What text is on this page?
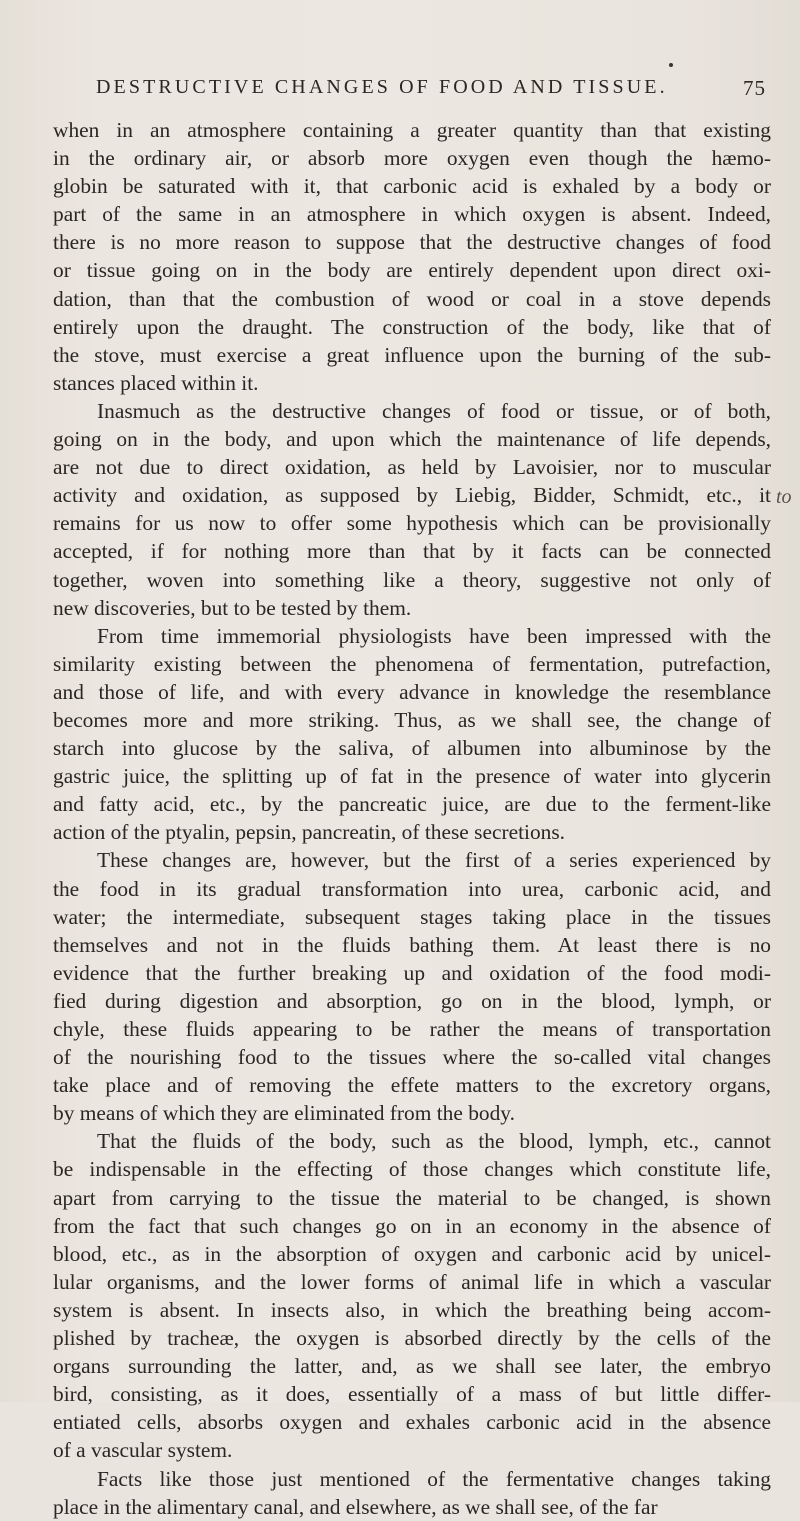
DESTRUCTIVE CHANGES OF FOOD AND TISSUE.	75
when in an atmosphere containing a greater quantity than that existing
in the ordinary air, or absorb more oxygen even though the hæmo-
globin be saturated with it, that carbonic acid is exhaled by a body or
part of the same in an atmosphere in which oxygen is absent. Indeed,
there is no more reason to suppose that the destructive changes of food
or tissue going on in the body are entirely dependent upon direct oxi-
dation, than that the combustion of wood or coal in a stove depends
entirely upon the draught. The construction of the body, like that of
the stove, must exercise a great influence upon the burning of the sub-
stances placed within it.
Inasmuch as the destructive changes of food or tissue, or of both,
going on in the body, and upon which the maintenance of life depends,
are not due to direct oxidation, as held by Lavoisier, nor to muscular
activity and oxidation, as supposed by Liebig, Bidder, Schmidt, etc., it
remains for us now to offer some hypothesis which can be provisionally
accepted, if for nothing more than that by it facts can be connected
together, woven into something like a theory, suggestive not only of
new discoveries, but to be tested by them.
From time immemorial physiologists have been impressed with the
similarity existing between the phenomena of fermentation, putrefaction,
and those of life, and with every advance in knowledge the resemblance
becomes more and more striking. Thus, as we shall see, the change of
starch into glucose by the saliva, of albumen into albuminose by the
gastric juice, the splitting up of fat in the presence of water into glycerin
and fatty acid, etc., by the pancreatic juice, are due to the ferment-like
action of the ptyalin, pepsin, pancreatin, of these secretions.
These changes are, however, but the first of a series experienced by
the food in its gradual transformation into urea, carbonic acid, and
water; the intermediate, subsequent stages taking place in the tissues
themselves and not in the fluids bathing them. At least there is no
evidence that the further breaking up and oxidation of the food modi-
fied during digestion and absorption, go on in the blood, lymph, or
chyle, these fluids appearing to be rather the means of transportation
of the nourishing food to the tissues where the so-called vital changes
take place and of removing the effete matters to the excretory organs,
by means of which they are eliminated from the body.
That the fluids of the body, such as the blood, lymph, etc., cannot
be indispensable in the effecting of those changes which constitute life,
apart from carrying to the tissue the material to be changed, is shown
from the fact that such changes go on in an economy in the absence of
blood, etc., as in the absorption of oxygen and carbonic acid by unicel-
lular organisms, and the lower forms of animal life in which a vascular
system is absent. In insects also, in which the breathing being accom-
plished by tracheæ, the oxygen is absorbed directly by the cells of the
organs surrounding the latter, and, as we shall see later, the embryo
bird, consisting, as it does, essentially of a mass of but little differ-
entiated cells, absorbs oxygen and exhales carbonic acid in the absence
of a vascular system.
Facts like those just mentioned of the fermentative changes taking
place in the alimentary canal, and elsewhere, as we shall see, of the far
to
